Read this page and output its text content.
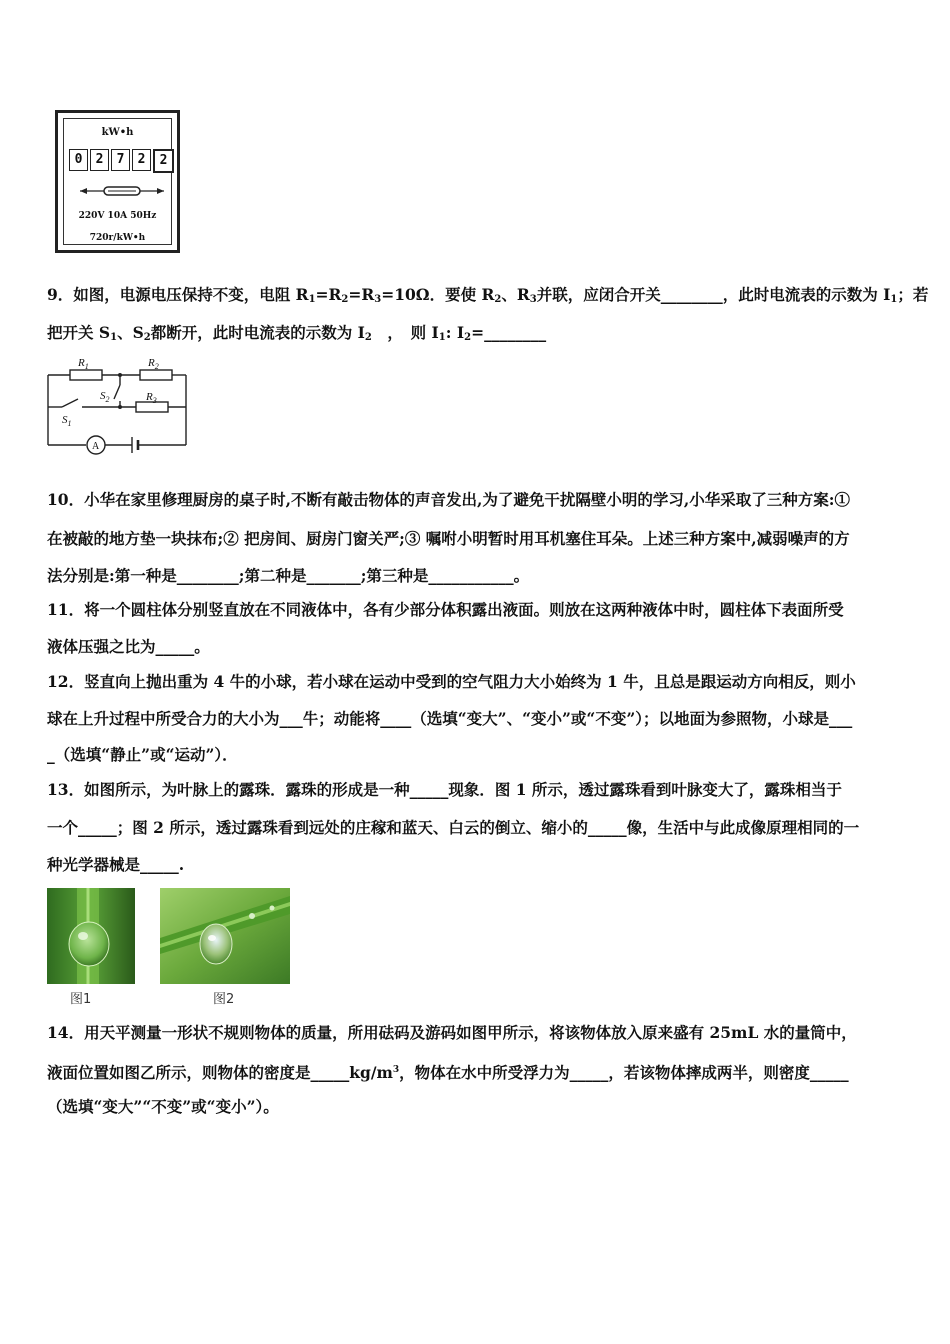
kW•h
0	2	7	2	2
220V 10A 50Hz
720r/kW•h
9．如图，电源电压保持不变，电阻 $R_1=R_2=R_3=10\Omega$．要使 $R_2$、$R_3$并联，应闭合开关________，此时电流表的示数为 $I_1$；若
把开关 $S_1$、$S_2$都断开，此时电流表的示数为 $I_2$　，　则 $I_1$: $I_2=\_\_\_\_\_\_\_\_$
$R_1$	$R_2$
$R_3$
$S_1$
$S_2$
A
10．小华在家里修理厨房的桌子时,不断有敲击物体的声音发出,为了避免干扰隔壁小明的学习,小华采取了三种方案:①
在被敲的地方垫一块抹布;② 把房间、厨房门窗关严;③ 嘱咐小明暂时用耳机塞住耳朵。上述三种方案中,减弱噪声的方
法分别是:第一种是________;第二种是_______;第三种是___________。
11．将一个圆柱体分别竖直放在不同液体中，各有少部分体积露出液面。则放在这两种液体中时，圆柱体下表面所受
液体压强之比为_____。
12．竖直向上抛出重为 4 牛的小球，若小球在运动中受到的空气阻力大小始终为 1 牛，且总是跟运动方向相反，则小
球在上升过程中所受合力的大小为___牛；动能将____（选填“变大”、“变小”或“不变”）；以地面为参照物，小球是___
_（选填“静止”或“运动”）．
13．如图所示，为叶脉上的露珠．露珠的形成是一种_____现象．图 1 所示，透过露珠看到叶脉变大了，露珠相当于
一个_____；图 2 所示，透过露珠看到远处的庄稼和蓝天、白云的倒立、缩小的_____像，生活中与此成像原理相同的一
种光学器械是_____.
图1	图2
14．用天平测量一形状不规则物体的质量，所用砝码及游码如图甲所示，将该物体放入原来盛有 25mL 水的量筒中，
液面位置如图乙所示，则物体的密度是$\_\_\_\_\_kg/m^3$，物体在水中所受浮力为_____，若该物体摔成两半，则密度_____
（选填“变大”“不变”或“变小”）。
